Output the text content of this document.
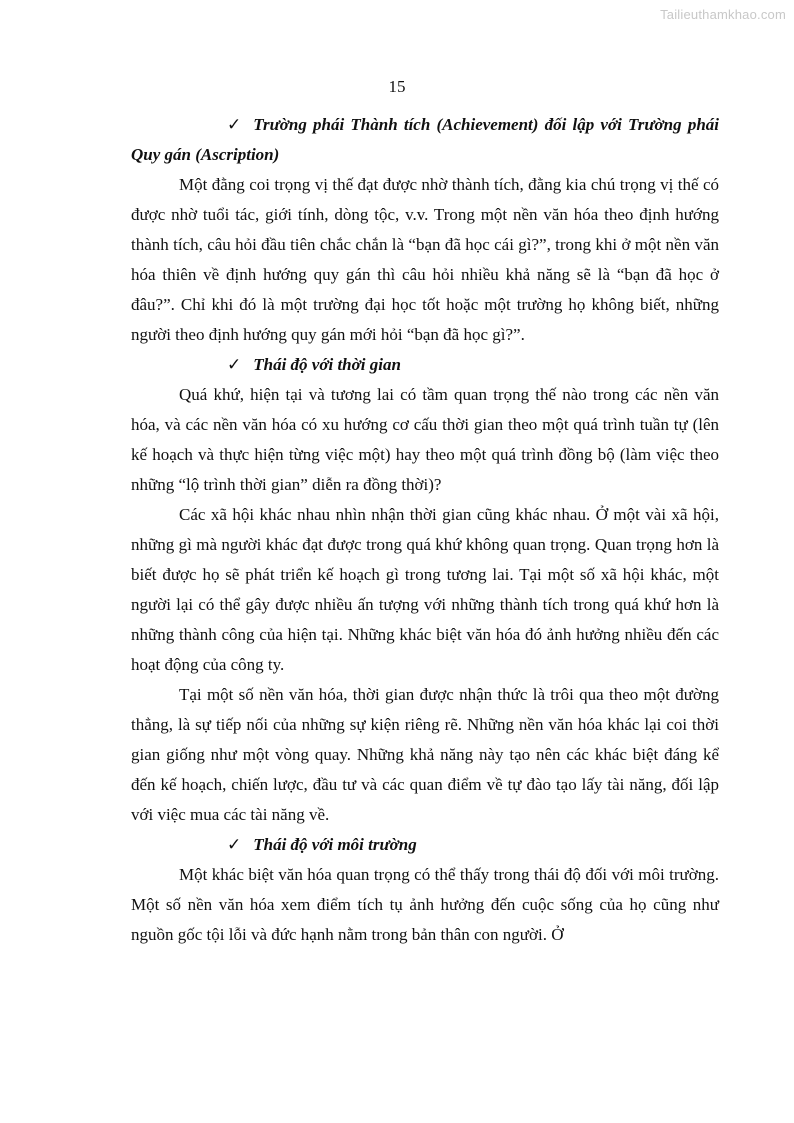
Tailieuthamkhao.com
15
✓ Trường phái Thành tích (Achievement) đối lập với Trường phái Quy gán (Ascription)

Một đằng coi trọng vị thế đạt được nhờ thành tích, đằng kia chú trọng vị thế có được nhờ tuổi tác, giới tính, dòng tộc, v.v. Trong một nền văn hóa theo định hướng thành tích, câu hỏi đầu tiên chắc chắn là “bạn đã học cái gì?”, trong khi ở một nền văn hóa thiên về định hướng quy gán thì câu hỏi nhiều khả năng sẽ là “bạn đã học ở đâu?”. Chỉ khi đó là một trường đại học tốt hoặc một trường họ không biết, những người theo định hướng quy gán mới hỏi “bạn đã học gì?”.

✓ Thái độ với thời gian

Quá khứ, hiện tại và tương lai có tầm quan trọng thế nào trong các nền văn hóa, và các nền văn hóa có xu hướng cơ cấu thời gian theo một quá trình tuần tự (lên kế hoạch và thực hiện từng việc một) hay theo một quá trình đồng bộ (làm việc theo những “lộ trình thời gian” diễn ra đồng thời)?

Các xã hội khác nhau nhìn nhận thời gian cũng khác nhau. Ở một vài xã hội, những gì mà người khác đạt được trong quá khứ không quan trọng. Quan trọng hơn là biết được họ sẽ phát triển kế hoạch gì trong tương lai. Tại một số xã hội khác, một người lại có thể gây được nhiều ấn tượng với những thành tích trong quá khứ hơn là những thành công của hiện tại. Những khác biệt văn hóa đó ảnh hưởng nhiều đến các hoạt động của công ty.

Tại một số nền văn hóa, thời gian được nhận thức là trôi qua theo một đường thẳng, là sự tiếp nối của những sự kiện riêng rẽ. Những nền văn hóa khác lại coi thời gian giống như một vòng quay. Những khả năng này tạo nên các khác biệt đáng kể đến kế hoạch, chiến lược, đầu tư và các quan điểm về tự đào tạo lấy tài năng, đối lập với việc mua các tài năng về.

✓ Thái độ với môi trường

Một khác biệt văn hóa quan trọng có thể thấy trong thái độ đối với môi trường. Một số nền văn hóa xem điểm tích tụ ảnh hưởng đến cuộc sống của họ cũng như nguồn gốc tội lỗi và đức hạnh nằm trong bản thân con người. Ở
